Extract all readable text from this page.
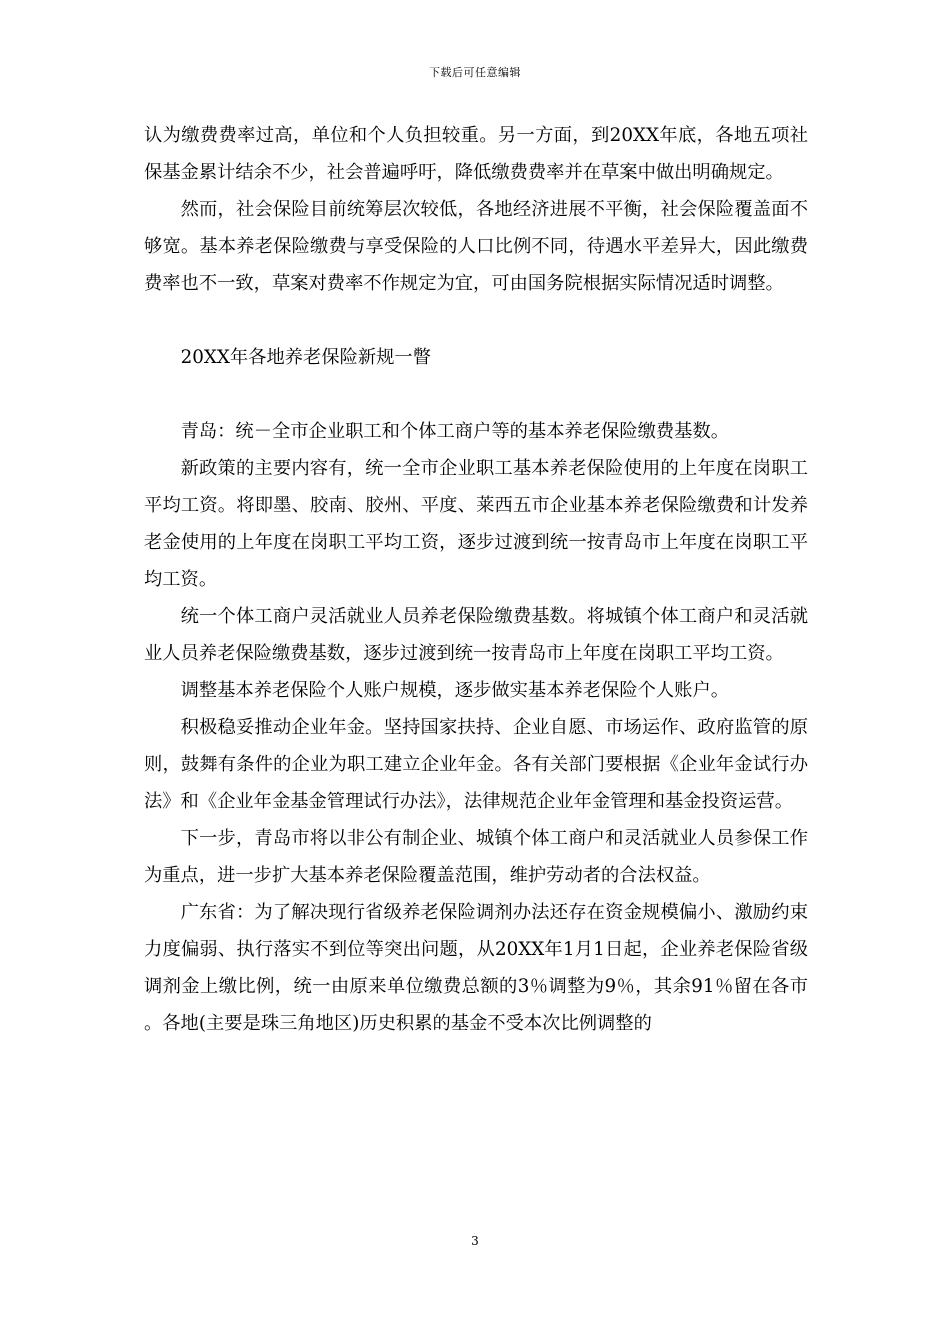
下载后可任意编辑

认为缴费费率过高，单位和个人负担较重。另一方面，到20XX年底，各地五项社保基金累计结余不少，社会普遍呼吁，降低缴费费率并在草案中做出明确规定。

然而，社会保险目前统筹层次较低，各地经济进展不平衡，社会保险覆盖面不够宽。基本养老保险缴费与享受保险的人口比例不同，待遇水平差异大，因此缴费费率也不一致，草案对费率不作规定为宜，可由国务院根据实际情况适时调整。

20XX年各地养老保险新规一瞥

青岛：统－全市企业职工和个体工商户等的基本养老保险缴费基数。

新政策的主要内容有，统一全市企业职工基本养老保险使用的上年度在岗职工平均工资。将即墨、胶南、胶州、平度、莱西五市企业基本养老保险缴费和计发养老金使用的上年度在岗职工平均工资，逐步过渡到统一按青岛市上年度在岗职工平均工资。

统一个体工商户灵活就业人员养老保险缴费基数。将城镇个体工商户和灵活就业人员养老保险缴费基数，逐步过渡到统一按青岛市上年度在岗职工平均工资。

调整基本养老保险个人账户规模，逐步做实基本养老保险个人账户。

积极稳妥推动企业年金。坚持国家扶持、企业自愿、市场运作、政府监管的原则，鼓舞有条件的企业为职工建立企业年金。各有关部门要根据《企业年金试行办法》和《企业年金基金管理试行办法》，法律规范企业年金管理和基金投资运营。

下一步，青岛市将以非公有制企业、城镇个体工商户和灵活就业人员参保工作为重点，进一步扩大基本养老保险覆盖范围，维护劳动者的合法权益。

广东省：为了解决现行省级养老保险调剂办法还存在资金规模偏小、激励约束力度偏弱、执行落实不到位等突出问题，从20XX年1月1日起，企业养老保险省级调剂金上缴比例，统一由原来单位缴费总额的3％调整为9％，其余91％留在各市。各地(主要是珠三角地区)历史积累的基金不受本次比例调整的

3
